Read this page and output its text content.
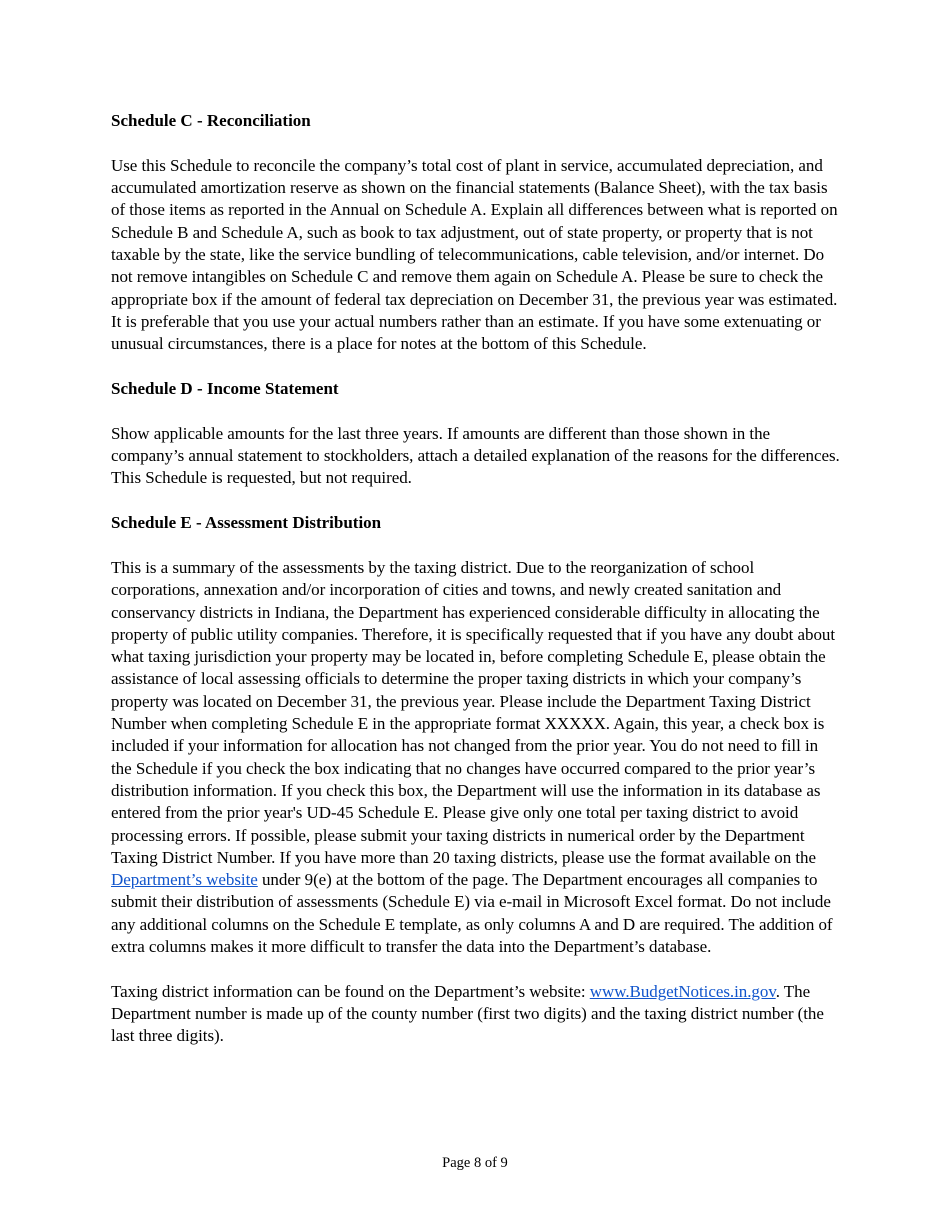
Schedule C - Reconciliation

Use this Schedule to reconcile the company’s total cost of plant in service, accumulated depreciation, and accumulated amortization reserve as shown on the financial statements (Balance Sheet), with the tax basis of those items as reported in the Annual on Schedule A. Explain all differences between what is reported on Schedule B and Schedule A, such as book to tax adjustment, out of state property, or property that is not taxable by the state, like the service bundling of telecommunications, cable television, and/or internet. Do not remove intangibles on Schedule C and remove them again on Schedule A. Please be sure to check the appropriate box if the amount of federal tax depreciation on December 31, the previous year was estimated. It is preferable that you use your actual numbers rather than an estimate. If you have some extenuating or unusual circumstances, there is a place for notes at the bottom of this Schedule.

Schedule D - Income Statement

Show applicable amounts for the last three years. If amounts are different than those shown in the company’s annual statement to stockholders, attach a detailed explanation of the reasons for the differences. This Schedule is requested, but not required.

Schedule E - Assessment Distribution

This is a summary of the assessments by the taxing district. Due to the reorganization of school corporations, annexation and/or incorporation of cities and towns, and newly created sanitation and conservancy districts in Indiana, the Department has experienced considerable difficulty in allocating the property of public utility companies. Therefore, it is specifically requested that if you have any doubt about what taxing jurisdiction your property may be located in, before completing Schedule E, please obtain the assistance of local assessing officials to determine the proper taxing districts in which your company’s property was located on December 31, the previous year. Please include the Department Taxing District Number when completing Schedule E in the appropriate format XXXXX. Again, this year, a check box is included if your information for allocation has not changed from the prior year. You do not need to fill in the Schedule if you check the box indicating that no changes have occurred compared to the prior year’s distribution information. If you check this box, the Department will use the information in its database as entered from the prior year's UD-45 Schedule E. Please give only one total per taxing district to avoid processing errors. If possible, please submit your taxing districts in numerical order by the Department Taxing District Number. If you have more than 20 taxing districts, please use the format available on the Department’s website under 9(e) at the bottom of the page. The Department encourages all companies to submit their distribution of assessments (Schedule E) via e-mail in Microsoft Excel format. Do not include any additional columns on the Schedule E template, as only columns A and D are required. The addition of extra columns makes it more difficult to transfer the data into the Department’s database.

Taxing district information can be found on the Department’s website: www.BudgetNotices.in.gov. The Department number is made up of the county number (first two digits) and the taxing district number (the last three digits).

Page 8 of 9
